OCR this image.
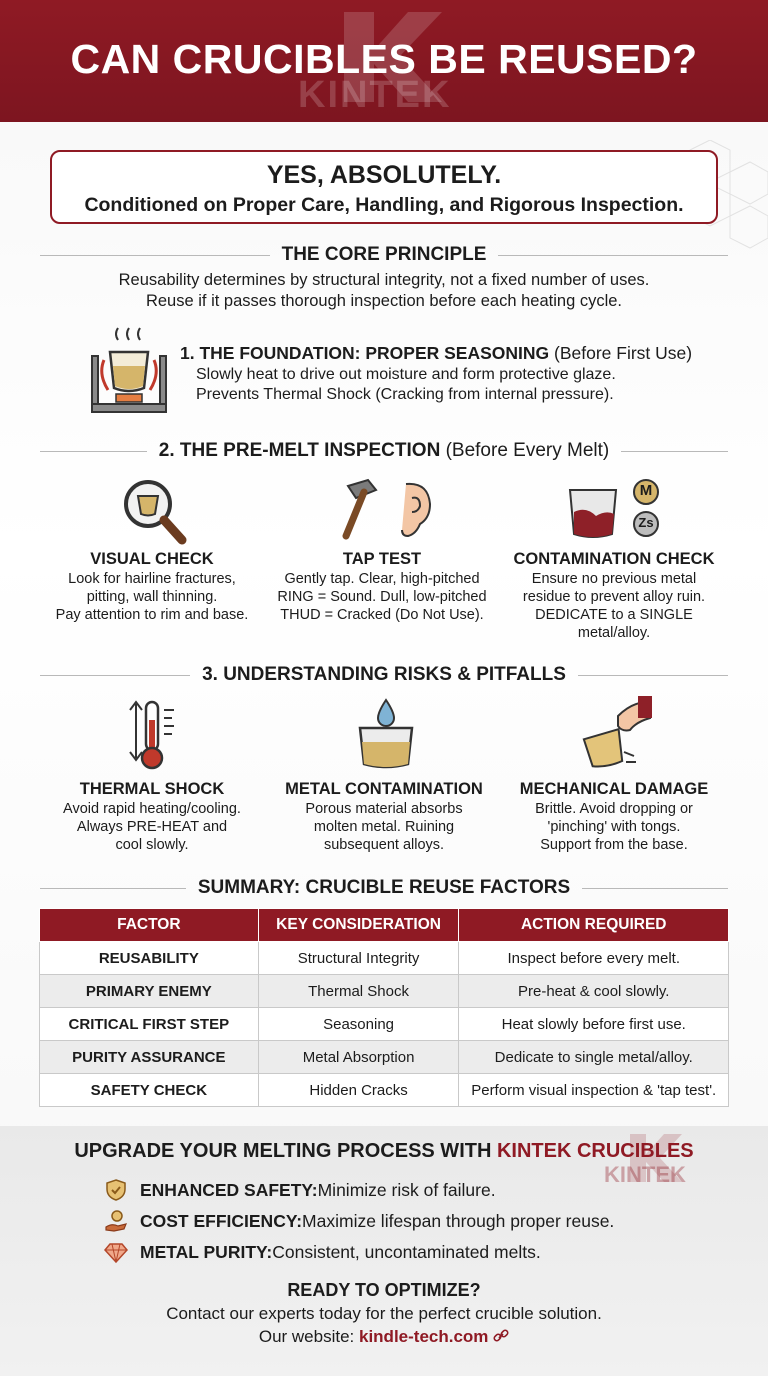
KINTEK
CAN CRUCIBLES BE REUSED?
YES, ABSOLUTELY.
Conditioned on Proper Care, Handling, and Rigorous Inspection.
THE CORE PRINCIPLE
Reusability determines by structural integrity, not a fixed number of uses.
Reuse if it passes thorough inspection before each heating cycle.
1. THE FOUNDATION: PROPER SEASONING (Before First Use)
Slowly heat to drive out moisture and form protective glaze.
Prevents Thermal Shock (Cracking from internal pressure).
2. THE PRE-MELT INSPECTION (Before Every Melt)
M
Zs
VISUAL CHECK
Look for hairline fractures,
pitting, wall thinning.
Pay attention to rim and base.
TAP TEST
Gently tap. Clear, high-pitched
RING = Sound. Dull, low-pitched
THUD = Cracked (Do Not Use).
CONTAMINATION CHECK
Ensure no previous metal
residue to prevent alloy ruin.
DEDICATE to a SINGLE
metal/alloy.
3. UNDERSTANDING RISKS & PITFALLS
THERMAL SHOCK
Avoid rapid heating/cooling.
Always PRE-HEAT and
cool slowly.
METAL CONTAMINATION
Porous material absorbs
molten metal. Ruining
subsequent alloys.
MECHANICAL DAMAGE
Brittle. Avoid dropping or
'pinching' with tongs.
Support from the base.
SUMMARY: CRUCIBLE REUSE FACTORS
FACTOR	KEY CONSIDERATION	ACTION REQUIRED
REUSABILITY	Structural Integrity	Inspect before every melt.
PRIMARY ENEMY	Thermal Shock	Pre-heat & cool slowly.
CRITICAL FIRST STEP	Seasoning	Heat slowly before first use.
PURITY ASSURANCE	Metal Absorption	Dedicate to single metal/alloy.
SAFETY CHECK	Hidden Cracks	Perform visual inspection & 'tap test'.
KINTEK
UPGRADE YOUR MELTING PROCESS WITH KINTEK CRUCIBLES
ENHANCED SAFETY: Minimize risk of failure.
COST EFFICIENCY: Maximize lifespan through proper reuse.
METAL PURITY: Consistent, uncontaminated melts.
READY TO OPTIMIZE?
Contact our experts today for the perfect crucible solution.
Our website: kindle-tech.com
